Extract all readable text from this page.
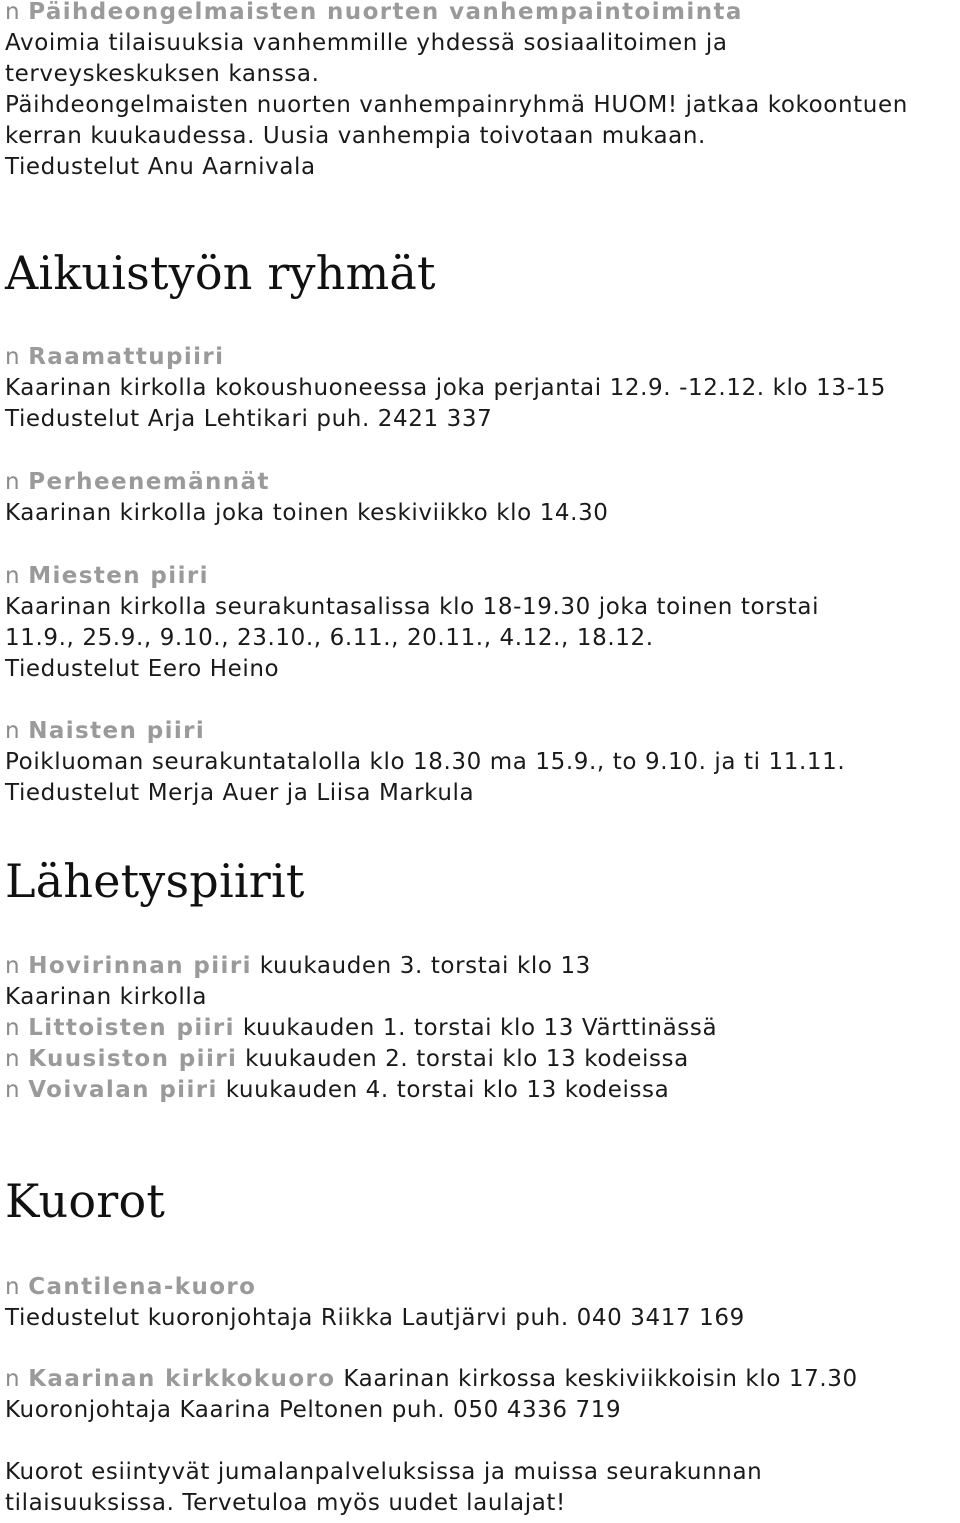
n Päihdeongelmaisten nuorten vanhempaintoiminta
Avoimia tilaisuuksia vanhemmille yhdessä sosiaalitoimen ja
terveyskeskuksen kanssa.
Päihdeongelmaisten nuorten vanhempainryhmä HUOM! jatkaa kokoontuen
kerran kuukaudessa. Uusia vanhempia toivotaan mukaan.
Tiedustelut Anu Aarnivala
Aikuistyön ryhmät
n Raamattupiiri
Kaarinan kirkolla kokoushuoneessa joka perjantai 12.9. -12.12. klo 13-15
Tiedustelut Arja Lehtikari puh. 2421 337
n Perheenemännät
Kaarinan kirkolla joka toinen keskiviikko klo 14.30
n Miesten piiri
Kaarinan kirkolla seurakuntasalissa klo 18-19.30 joka toinen torstai
11.9., 25.9., 9.10., 23.10., 6.11., 20.11., 4.12., 18.12.
Tiedustelut Eero Heino
n Naisten piiri
Poikluoman seurakuntatalolla klo 18.30 ma 15.9., to 9.10. ja ti 11.11.
Tiedustelut Merja Auer ja Liisa Markula
Lähetyspiirit
n Hovirinnan piiri kuukauden 3. torstai klo 13
Kaarinan kirkolla
n Littoisten piiri kuukauden 1. torstai klo 13 Värttinässä
n Kuusiston piiri kuukauden 2. torstai klo 13 kodeissa
n Voivalan piiri kuukauden 4. torstai klo 13 kodeissa
Kuorot
n Cantilena-kuoro
Tiedustelut kuoronjohtaja Riikka Lautjärvi puh. 040 3417 169
n Kaarinan kirkkokuoro Kaarinan kirkossa keskiviikkoisin klo 17.30
Kuoronjohtaja Kaarina Peltonen puh. 050 4336 719
Kuorot esiintyvät jumalanpalveluksissa ja muissa seurakunnan
tilaisuuksissa. Tervetuloa myös uudet laulajat!
